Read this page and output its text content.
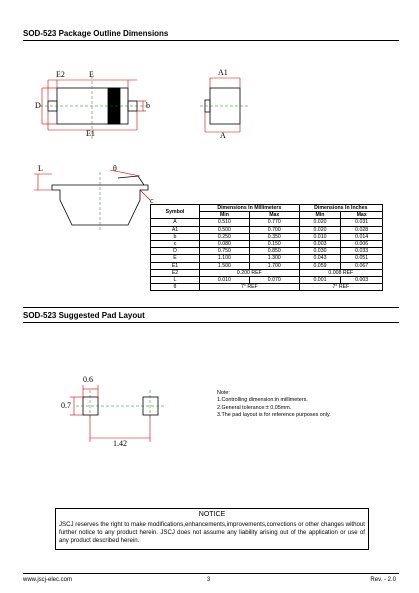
SOD-523 Package Outline Dimensions
E2	E
E1
D	b
A1
A
L
c
θ
Symbol	Dimensions In Millimeters		Dimensions In Inches	
	Min	Max	Min	Max
A	0.510	0.770	0.020	0.031
A1	0.500	0.700	0.020	0.028
b	0.250	0.350	0.010	0.014
c	0.080	0.150	0.003	0.006
D	0.750	0.850	0.030	0.033
E	1.100	1.300	0.043	0.051
E1	1.500	1.700	0.059	0.067
E2	0.200 REF		0.008 REF	
L	0.010	0.070	0.001	0.003
θ	7° REF		7° REF	
SOD-523 Suggested Pad Layout
0.6
0.7
1.42
Note:
1.Controlling dimension:in millimeters.
2.General tolerance:± 0.05mm.
3.The pad layout is for reference purposes only.
NOTICE
JSCJ reserves the right to make modifications,enhancements,improvements,corrections or other changes without further notice to any product herein. JSCJ does not assume any liability arising out of the application or use of any product described herein.
www.jscj-elec.com	3	Rev. - 2.0
